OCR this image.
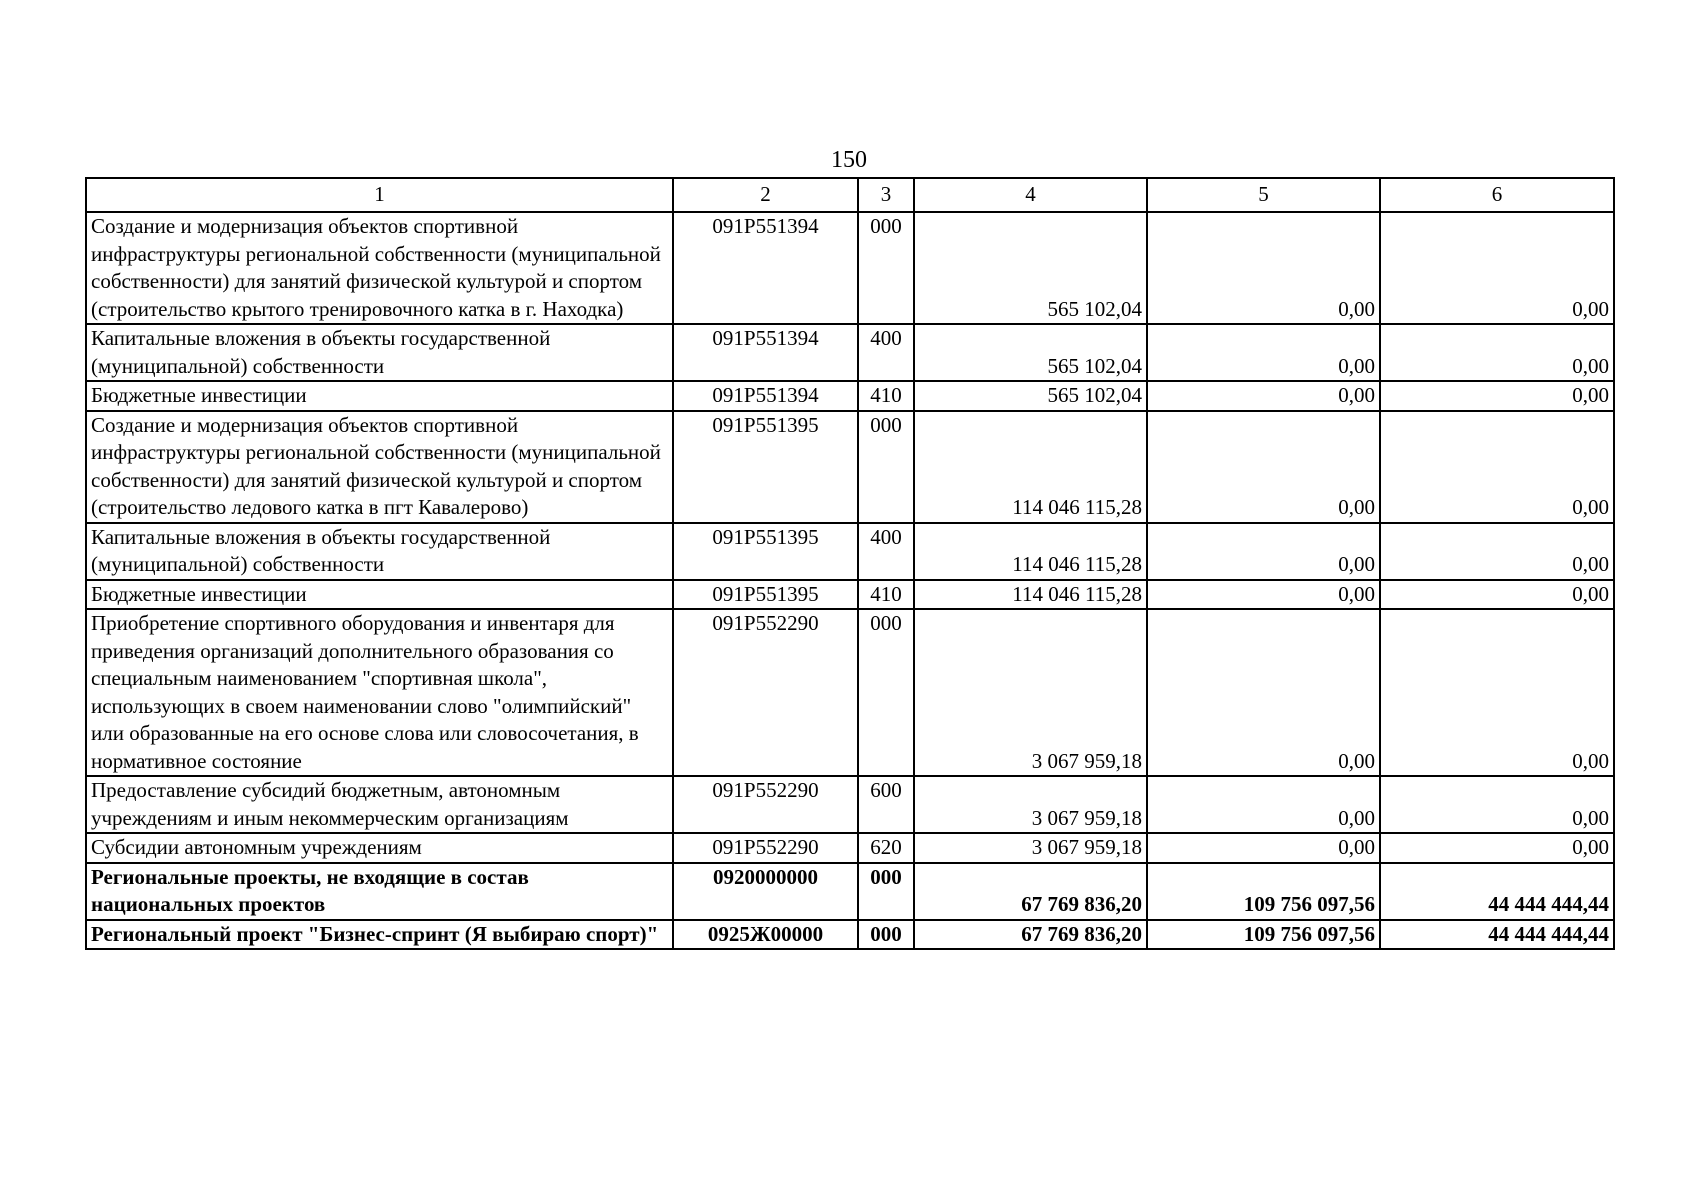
150
1	2	3	4	5	6
Создание и модернизация объектов спортивной инфраструктуры региональной собственности (муниципальной собственности) для занятий физической культурой и спортом (строительство крытого тренировочного катка в г. Находка)	091P551394	000	565 102,04	0,00	0,00
Капитальные вложения в объекты государственной (муниципальной) собственности	091P551394	400	565 102,04	0,00	0,00
Бюджетные инвестиции	091P551394	410	565 102,04	0,00	0,00
Создание и модернизация объектов спортивной инфраструктуры региональной собственности (муниципальной собственности) для занятий физической культурой и спортом (строительство ледового катка в пгт Кавалерово)	091P551395	000	114 046 115,28	0,00	0,00
Капитальные вложения в объекты государственной (муниципальной) собственности	091P551395	400	114 046 115,28	0,00	0,00
Бюджетные инвестиции	091P551395	410	114 046 115,28	0,00	0,00
Приобретение спортивного оборудования и инвентаря для приведения организаций дополнительного образования со специальным наименованием "спортивная школа", использующих в своем наименовании слово "олимпийский" или образованные на его основе слова или словосочетания, в нормативное состояние	091P552290	000	3 067 959,18	0,00	0,00
Предоставление субсидий бюджетным, автономным учреждениям и иным некоммерческим организациям	091P552290	600	3 067 959,18	0,00	0,00
Субсидии автономным учреждениям	091P552290	620	3 067 959,18	0,00	0,00
Региональные проекты, не входящие в состав национальных проектов	0920000000	000	67 769 836,20	109 756 097,56	44 444 444,44
Региональный проект "Бизнес-спринт (Я выбираю спорт)"	0925Ж00000	000	67 769 836,20	109 756 097,56	44 444 444,44
